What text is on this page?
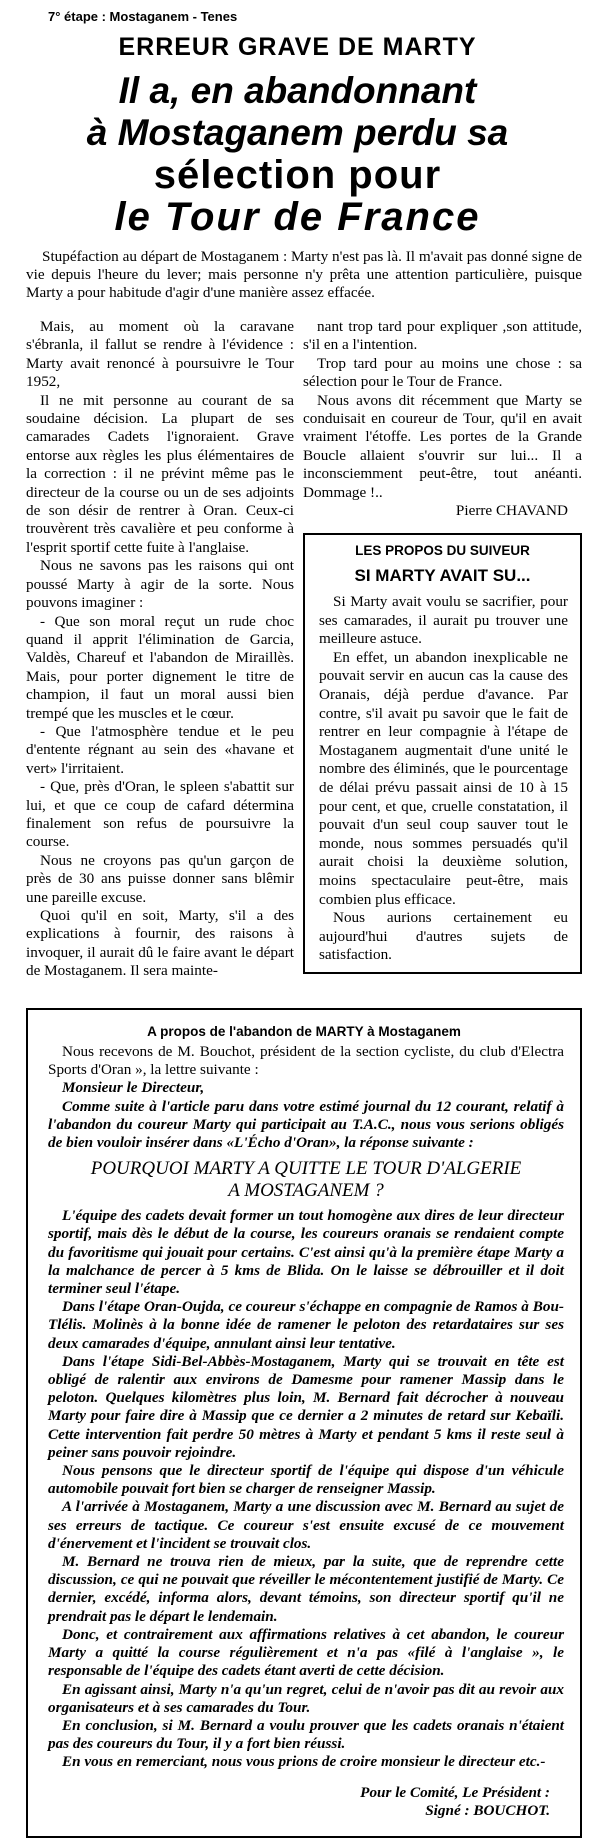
7° étape : Mostaganem - Tenes
ERREUR GRAVE DE MARTY
Il a, en abandonnant
à Mostaganem perdu sa
sélection pour
le Tour de France
Stupéfaction au départ de Mostaganem : Marty n'est pas là. Il m'avait pas donné signe de vie depuis l'heure du lever; mais personne n'y prêta une attention particulière, puisque Marty a pour habitude d'agir d'une manière assez effacée.

Mais, au moment où la caravane s'ébranla, il fallut se rendre à l'évidence : Marty avait renoncé à poursuivre le Tour 1952,

Il ne mit personne au courant de sa soudaine décision. La plupart de ses camarades Cadets l'ignoraient. Grave entorse aux règles les plus élémentaires de la correction : il ne prévint même pas le directeur de la course ou un de ses adjoints de son désir de rentrer à Oran. Ceux-ci trouvèrent très cavalière et peu conforme à l'esprit sportif cette fuite à l'anglaise.

Nous ne savons pas les raisons qui ont poussé Marty à agir de la sorte. Nous pouvons imaginer :

- Que son moral reçut un rude choc quand il apprit l'élimination de Garcia, Valdès, Chareuf et l'abandon de Miraillès. Mais, pour porter dignement le titre de champion, il faut un moral aussi bien trempé que les muscles et le cœur.

- Que l'atmosphère tendue et le peu d'entente régnant au sein des «havane et vert» l'irritaient.

- Que, près d'Oran, le spleen s'abattit sur lui, et que ce coup de cafard détermina finalement son refus de poursuivre la course.

Nous ne croyons pas qu'un garçon de près de 30 ans puisse donner sans blêmir une pareille excuse.

Quoi qu'il en soit, Marty, s'il a des explications à fournir, des raisons à invoquer, il aurait dû le faire avant le départ de Mostaganem. Il sera mainte-

nant trop tard pour expliquer ,son attitude, s'il en a l'intention.

Trop tard pour au moins une chose : sa sélection pour le Tour de France.

Nous avons dit récemment que Marty se conduisait en coureur de Tour, qu'il en avait vraiment l'étoffe. Les portes de la Grande Boucle allaient s'ouvrir sur lui... Il a inconsciemment peut-être, tout anéanti. Dommage !..

Pierre CHAVAND
LES PROPOS DU SUIVEUR
SI MARTY AVAIT SU...

Si Marty avait voulu se sacrifier, pour ses camarades, il aurait pu trouver une meilleure astuce.

En effet, un abandon inexplicable ne pouvait servir en aucun cas la cause des Oranais, déjà perdue d'avance. Par contre, s'il avait pu savoir que le fait de rentrer en leur compagnie à l'étape de Mostaganem augmentait d'une unité le nombre des éliminés, que le pourcentage de délai prévu passait ainsi de 10 à 15 pour cent, et que, cruelle constatation, il pouvait d'un seul coup sauver tout le monde, nous sommes persuadés qu'il aurait choisi la deuxième solution, moins spectaculaire peut-être, mais combien plus efficace.

Nous aurions certainement eu aujourd'hui d'autres sujets de satisfaction.

A propos de l'abandon de MARTY à Mostaganem

Nous recevons de M. Bouchot, président de la section cycliste, du club d'Electra Sports d'Oran », la lettre suivante :

Monsieur le Directeur,

Comme suite à l'article paru dans votre estimé journal du 12 courant, relatif à l'abandon du coureur Marty qui participait au T.A.C., nous vous serions obligés de bien vouloir insérer dans «L'Écho d'Oran», la réponse suivante :

POURQUOI MARTY A QUITTE LE TOUR D'ALGERIE
A MOSTAGANEM ?

L'équipe des cadets devait former un tout homogène aux dires de leur directeur sportif, mais dès le début de la course, les coureurs oranais se rendaient compte du favoritisme qui jouait pour certains. C'est ainsi qu'à la première étape Marty a la malchance de percer à 5 kms de Blida. On le laisse se débrouiller et il doit terminer seul l'étape.

Dans l'étape Oran-Oujda, ce coureur s'échappe en compagnie de Ramos à Bou-Tlélis. Molinès à la bonne idée de ramener le peloton des retardataires sur ses deux camarades d'équipe, annulant ainsi leur tentative.

Dans l'étape Sidi-Bel-Abbès-Mostaganem, Marty qui se trouvait en tête est obligé de ralentir aux environs de Damesme pour ramener Massip dans le peloton. Quelques kilomètres plus loin, M. Bernard fait décrocher à nouveau Marty pour faire dire à Massip que ce dernier a 2 minutes de retard sur Kebaïli. Cette intervention fait perdre 50 mètres à Marty et pendant 5 kms il reste seul à peiner sans pouvoir rejoindre.

Nous pensons que le directeur sportif de l'équipe qui dispose d'un véhicule automobile pouvait fort bien se charger de renseigner Massip.

A l'arrivée à Mostaganem, Marty a une discussion avec M. Bernard au sujet de ses erreurs de tactique. Ce coureur s'est ensuite excusé de ce mouvement d'énervement et l'incident se trouvait clos.

M. Bernard ne trouva rien de mieux, par la suite, que de reprendre cette discussion, ce qui ne pouvait que réveiller le mécontentement justifié de Marty. Ce dernier, excédé, informa alors, devant témoins, son directeur sportif qu'il ne prendrait pas le départ le lendemain.

Donc, et contrairement aux affirmations relatives à cet abandon, le coureur Marty a quitté la course régulièrement et n'a pas «filé à l'anglaise », le responsable de l'équipe des cadets étant averti de cette décision.

En agissant ainsi, Marty n'a qu'un regret, celui de n'avoir pas dit au revoir aux organisateurs et à ses camarades du Tour.

En conclusion, si M. Bernard a voulu prouver que les cadets oranais n'étaient pas des coureurs du Tour, il y a fort bien réussi.

En vous en remerciant, nous vous prions de croire monsieur le directeur etc.-

Pour le Comité, Le Président :
Signé : BOUCHOT.
